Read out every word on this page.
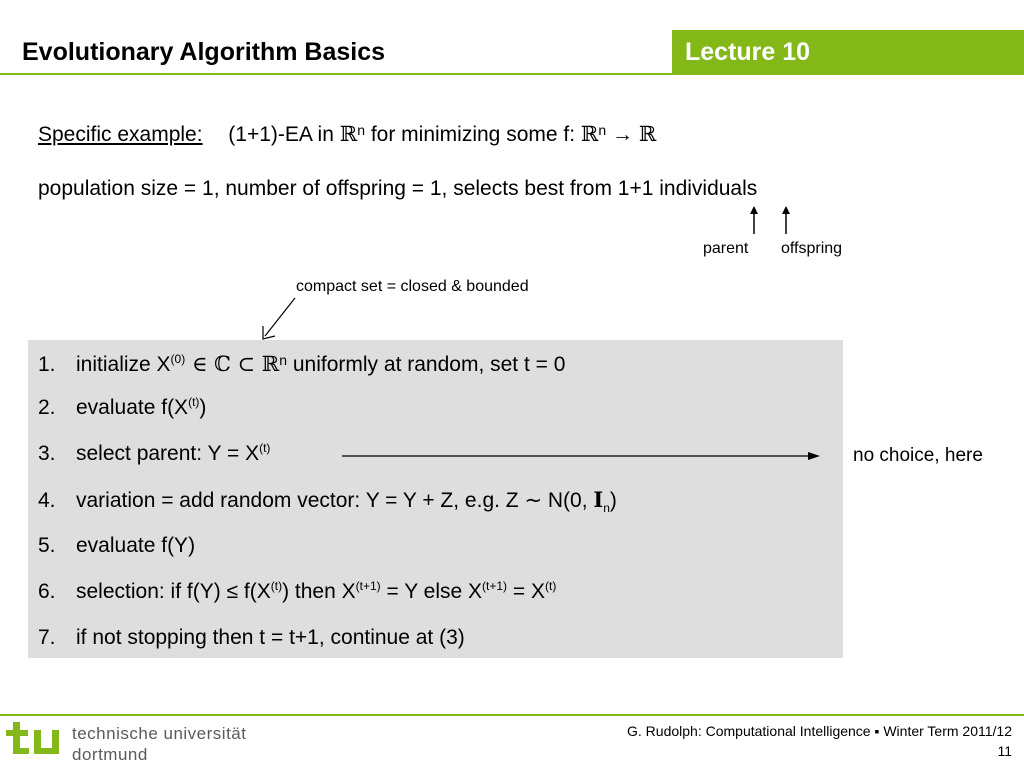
Evolutionary Algorithm Basics	Lecture 10
Specific example: (1+1)-EA in ℝ$^n$ for minimizing some f: ℝ$^n$ → ℝ
population size = 1, number of offspring = 1, selects best from 1+1 individuals
parent offspring
compact set = closed & bounded
1. initialize $X^{(0)}$ ∈ ℂ ⊂ ℝ$^n$ uniformly at random, set t = 0
2. evaluate $f(X^{(t)})$
3. select parent: $Y = X^{(t)}$	no choice, here
4. variation = add random vector: Y = Y + Z, e.g. Z ∼ N(0, $I_n$)
5. evaluate f(Y)
6. selection: if $f(Y) \le f(X^{(t)})$ then $X^{(t+1)} = Y$ else $X^{(t+1)} = X^{(t)}$
7. if not stopping then t = t+1, continue at (3)
technische universität
dortmund
G. Rudolph: Computational Intelligence ▪ Winter Term 2011/12
11
